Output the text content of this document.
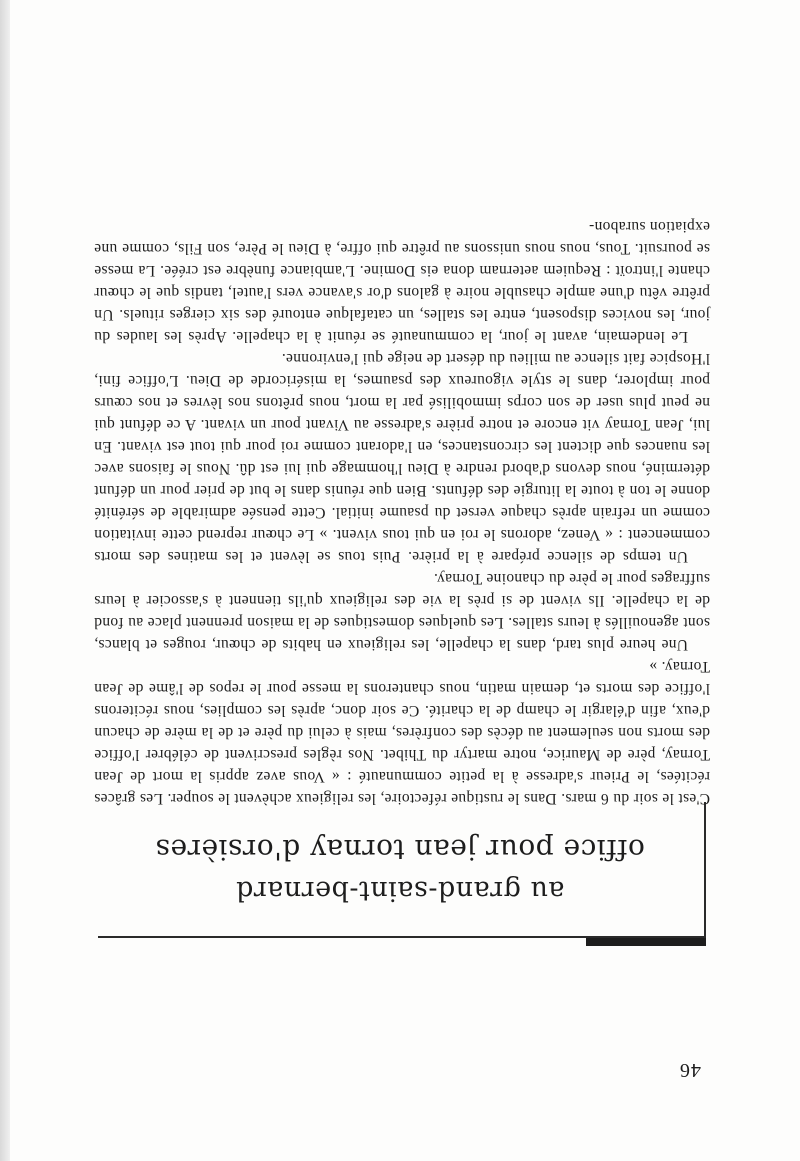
46
au grand-saint-bernard
office pour jean tornay d'orsières

C'est le soir du 6 mars. Dans le rustique réfectoire, les religieux achèvent le souper. Les grâces récitées, le Prieur s'adresse à la petite communauté : « Vous avez appris la mort de Jean Tornay, père de Maurice, notre martyr du Thibet. Nos règles prescrivent de célébrer l'office des morts non seulement au décès des confrères, mais à celui du père et de la mère de chacun d'eux, afin d'élargir le champ de la charité. Ce soir donc, après les complies, nous réciterons l'office des morts et, demain matin, nous chanterons la messe pour le repos de l'âme de Jean Tornay. »

Une heure plus tard, dans la chapelle, les religieux en habits de chœur, rouges et blancs, sont agenouillés à leurs stalles. Les quelques domestiques de la maison prennent place au fond de la chapelle. Ils vivent de si près la vie des religieux qu'ils tiennent à s'associer à leurs suffrages pour le père du chanoine Tornay.

Un temps de silence prépare à la prière. Puis tous se lèvent et les matines des morts commencent : « Venez, adorons le roi en qui tous vivent. » Le chœur reprend cette invitation comme un refrain après chaque verset du psaume initial. Cette pensée admirable de sérénité donne le ton à toute la liturgie des défunts. Bien que réunis dans le but de prier pour un défunt déterminé, nous devons d'abord rendre à Dieu l'hommage qui lui est dû. Nous le faisons avec les nuances que dictent les circonstances, en l'adorant comme roi pour qui tout est vivant. En lui, Jean Tornay vit encore et notre prière s'adresse au Vivant pour un vivant. A ce défunt qui ne peut plus user de son corps immobilisé par la mort, nous prêtons nos lèvres et nos cœurs pour implorer, dans le style vigoureux des psaumes, la miséricorde de Dieu. L'office fini, l'Hospice fait silence au milieu du désert de neige qui l'environne.

Le lendemain, avant le jour, la communauté se réunit à la chapelle. Après les laudes du jour, les novices disposent, entre les stalles, un catafalque entouré des six cierges rituels. Un prêtre vêtu d'une ample chasuble noire à galons d'or s'avance vers l'autel, tandis que le chœur chante l'introït : Requiem aeternam dona eis Domine. L'ambiance funèbre est créée. La messe se poursuit. Tous, nous nous unissons au prêtre qui offre, à Dieu le Père, son Fils, comme une expiation surabon-
